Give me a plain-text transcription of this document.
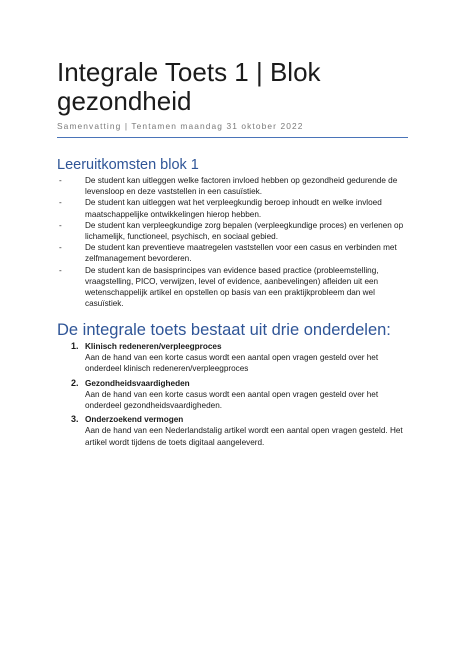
Integrale Toets 1 | Blok gezondheid
Samenvatting | Tentamen maandag 31 oktober 2022
Leeruitkomsten blok 1
-	De student kan uitleggen welke factoren invloed hebben op gezondheid gedurende de levensloop en deze vaststellen in een casuïstiek.
-	De student kan uitleggen wat het verpleegkundig beroep inhoudt en welke invloed maatschappelijke ontwikkelingen hierop hebben.
-	De student kan verpleegkundige zorg bepalen (verpleegkundige proces) en verlenen op lichamelijk, functioneel, psychisch, en sociaal gebied.
-	De student kan preventieve maatregelen vaststellen voor een casus en verbinden met zelfmanagement bevorderen.
-	De student kan de basisprincipes van evidence based practice (probleemstelling, vraagstelling, PICO, verwijzen, level of evidence, aanbevelingen) afleiden uit een wetenschappelijk artikel en opstellen op basis van een praktijkprobleem dan wel casuïstiek.
De integrale toets bestaat uit drie onderdelen:
1. Klinisch redeneren/verpleegproces
Aan de hand van een korte casus wordt een aantal open vragen gesteld over het onderdeel klinisch redeneren/verpleegproces
2. Gezondheidsvaardigheden
Aan de hand van een korte casus wordt een aantal open vragen gesteld over het onderdeel gezondheidsvaardigheden.
3. Onderzoekend vermogen
Aan de hand van een Nederlandstalig artikel wordt een aantal open vragen gesteld. Het artikel wordt tijdens de toets digitaal aangeleverd.
